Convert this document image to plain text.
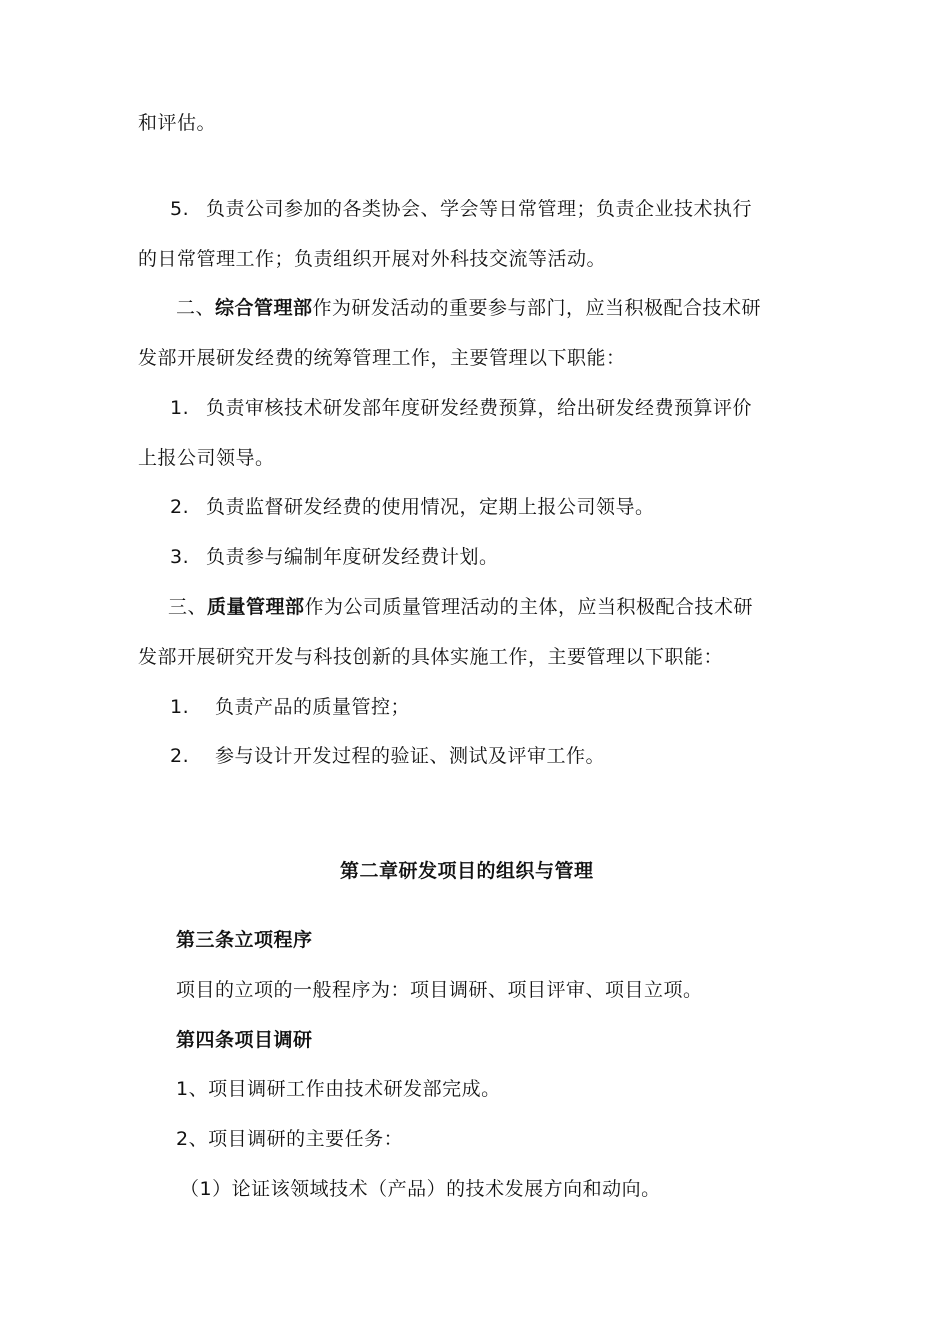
和评估。
5. 负责公司参加的各类协会、学会等日常管理；负责企业技术执行
的日常管理工作；负责组织开展对外科技交流等活动。
二、综合管理部作为研发活动的重要参与部门，应当积极配合技术研
发部开展研发经费的统筹管理工作，主要管理以下职能：
1. 负责审核技术研发部年度研发经费预算，给出研发经费预算评价
上报公司领导。
2. 负责监督研发经费的使用情况，定期上报公司领导。
3. 负责参与编制年度研发经费计划。
三、质量管理部作为公司质量管理活动的主体，应当积极配合技术研
发部开展研究开发与科技创新的具体实施工作，主要管理以下职能：
1. 负责产品的质量管控；
2. 参与设计开发过程的验证、测试及评审工作。
第二章研发项目的组织与管理
第三条立项程序
项目的立项的一般程序为：项目调研、项目评审、项目立项。
第四条项目调研
1、项目调研工作由技术研发部完成。
2、项目调研的主要任务：
（1）论证该领域技术（产品）的技术发展方向和动向。
